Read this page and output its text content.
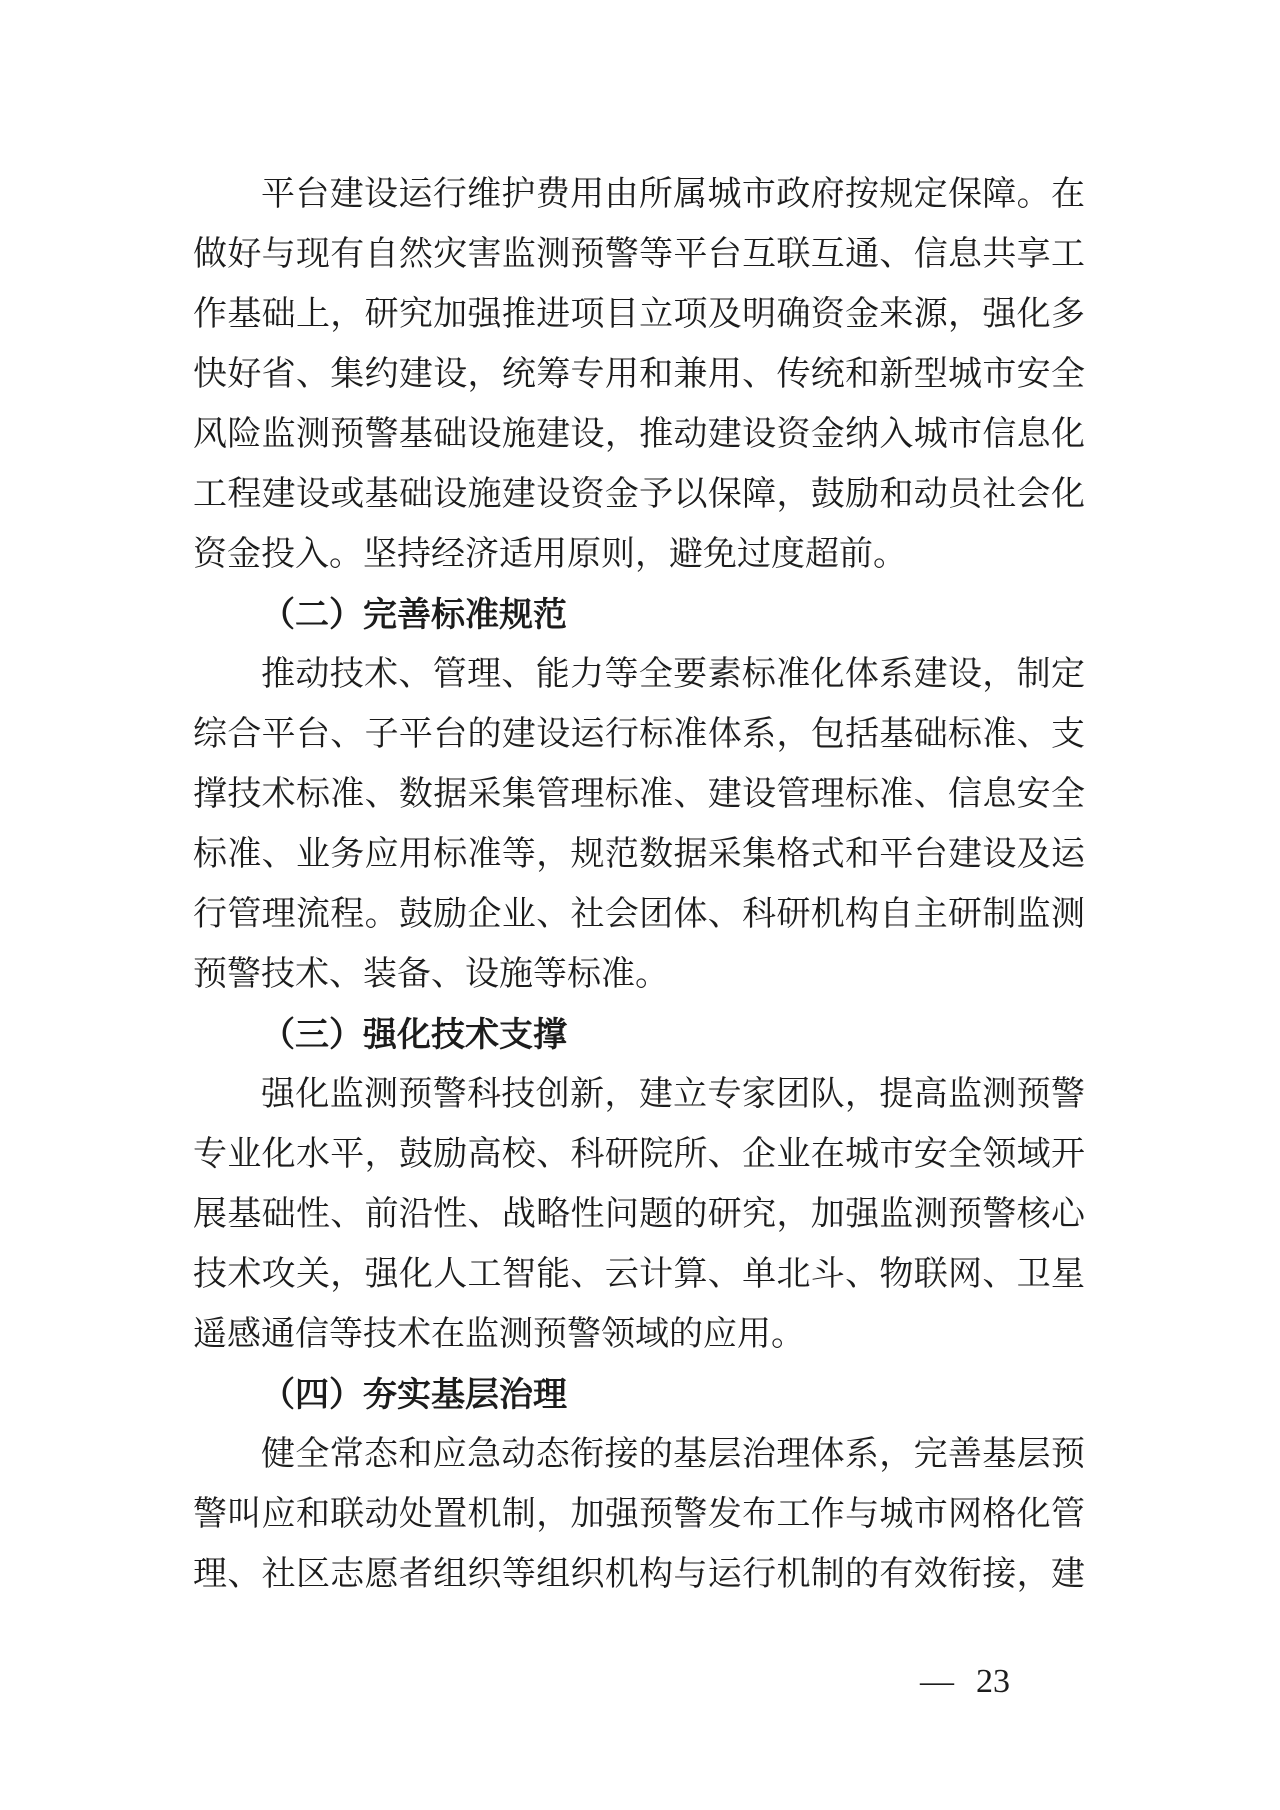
平台建设运行维护费用由所属城市政府按规定保障。在
做好与现有自然灾害监测预警等平台互联互通、信息共享工
作基础上，研究加强推进项目立项及明确资金来源，强化多
快好省、集约建设，统筹专用和兼用、传统和新型城市安全
风险监测预警基础设施建设，推动建设资金纳入城市信息化
工程建设或基础设施建设资金予以保障，鼓励和动员社会化
资金投入。坚持经济适用原则，避免过度超前。
（二）完善标准规范
推动技术、管理、能力等全要素标准化体系建设，制定
综合平台、子平台的建设运行标准体系，包括基础标准、支
撑技术标准、数据采集管理标准、建设管理标准、信息安全
标准、业务应用标准等，规范数据采集格式和平台建设及运
行管理流程。鼓励企业、社会团体、科研机构自主研制监测
预警技术、装备、设施等标准。
（三）强化技术支撑
强化监测预警科技创新，建立专家团队，提高监测预警
专业化水平，鼓励高校、科研院所、企业在城市安全领域开
展基础性、前沿性、战略性问题的研究，加强监测预警核心
技术攻关，强化人工智能、云计算、单北斗、物联网、卫星
遥感通信等技术在监测预警领域的应用。
（四）夯实基层治理
健全常态和应急动态衔接的基层治理体系，完善基层预
警叫应和联动处置机制，加强预警发布工作与城市网格化管
理、社区志愿者组织等组织机构与运行机制的有效衔接，建
— 23
